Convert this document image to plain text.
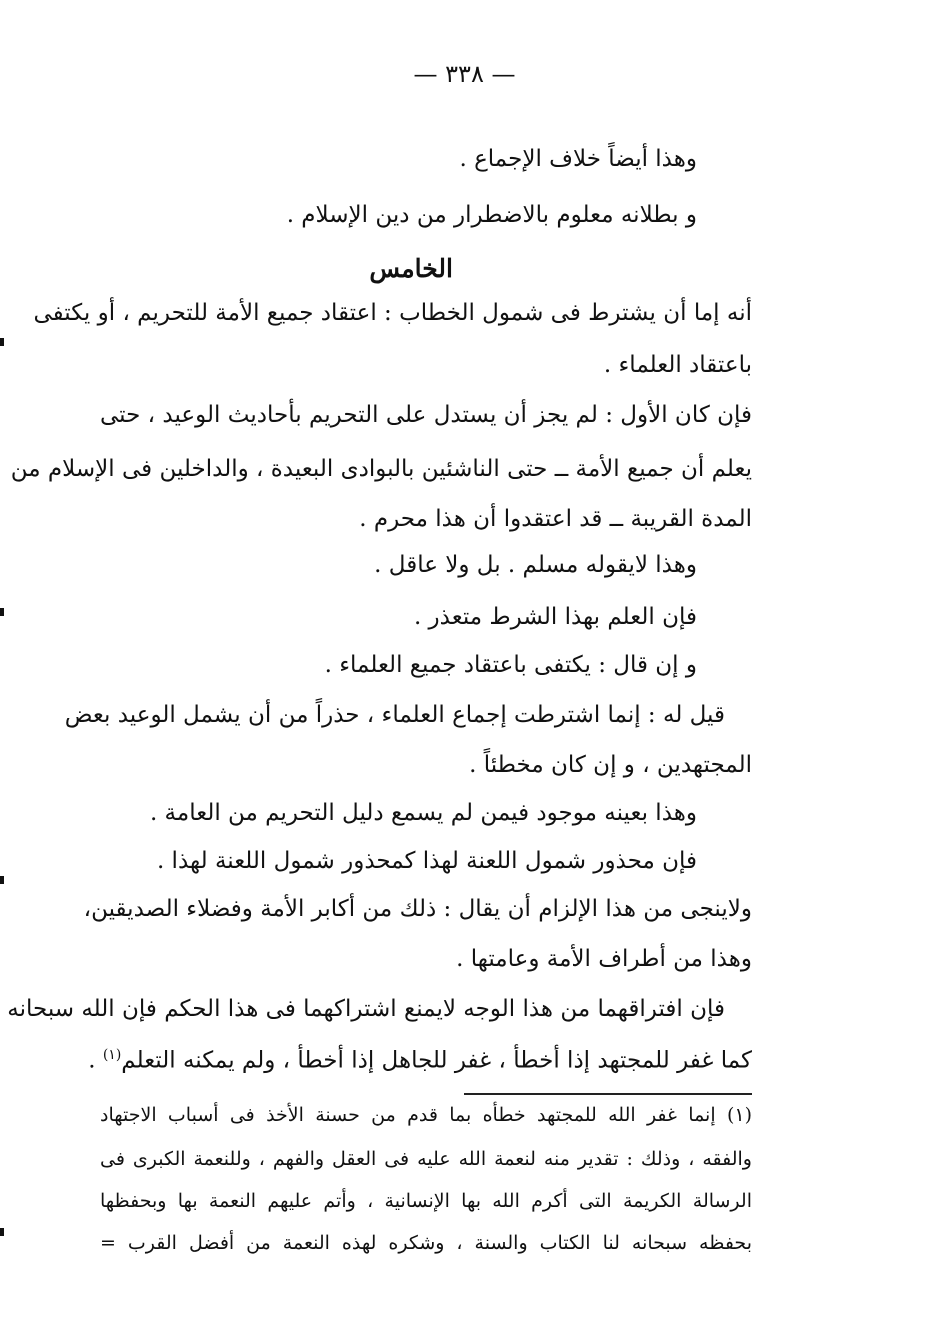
— ٣٣٨ —
وهذا أيضاً خلاف الإجماع .
و بطلانه معلوم بالاضطرار من دين الإسلام .
الخامس
أنه إما أن يشترط فى شمول الخطاب : اعتقاد جميع الأمة للتحريم ، أو يكتفى
باعتقاد العلماء .
فإن كان الأول : لم يجز أن يستدل على التحريم بأحاديث الوعيد ، حتى
يعلم أن جميع الأمة ــ حتى الناشئين بالبوادى البعيدة ، والداخلين فى الإسلام من
المدة القريبة ــ قد اعتقدوا أن هذا محرم .
وهذا لايقوله مسلم . بل ولا عاقل .
فإن العلم بهذا الشرط متعذر .
و إن قال : يكتفى باعتقاد جميع العلماء .
قيل له : إنما اشترطت إجماع العلماء ، حذراً من أن يشمل الوعيد بعض
المجتهدين ، و إن كان مخطئاً .
وهذا بعينه موجود فيمن لم يسمع دليل التحريم من العامة .
فإن محذور شمول اللعنة لهذا كمحذور شمول اللعنة لهذا .
ولاينجى من هذا الإلزام أن يقال : ذلك من أكابر الأمة وفضلاء الصديقين،
وهذا من أطراف الأمة وعامتها .
فإن افتراقهما من هذا الوجه لايمنع اشتراكهما فى هذا الحكم فإن الله سبحانه
كما غفر للمجتهد إذا أخطأ ، غفر للجاهل إذا أخطأ ، ولم يمكنه التعلم$^{(١)}$ .
(١) إنما غفر الله للمجتهد خطأه بما قدم من حسنة الأخذ فى أسباب الاجتهاد
والفقه ، وذلك : تقدير منه لنعمة الله عليه فى العقل والفهم ، وللنعمة الكبرى فى
الرسالة الكريمة التى أكرم الله بها الإنسانية ، وأتم عليهم النعمة بها وبحفظها
بحفظه سبحانه لنا الكتاب والسنة ، وشكره لهذه النعمة من أفضل القرب =
